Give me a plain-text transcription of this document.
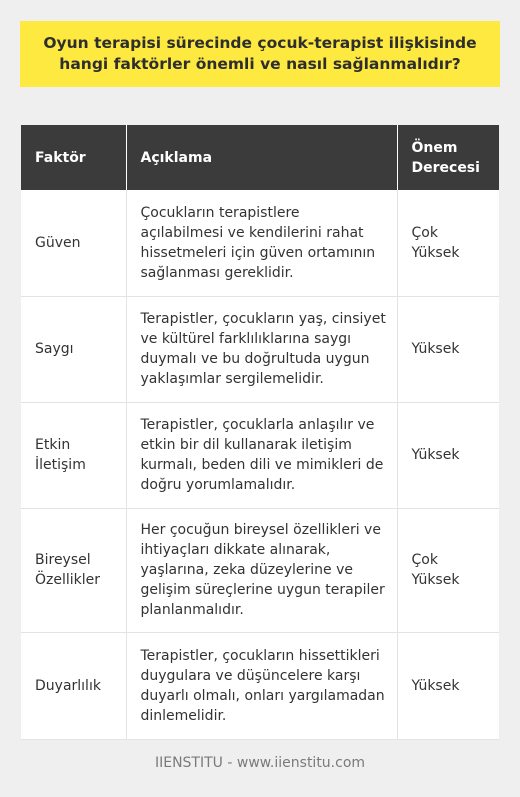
Oyun terapisi sürecinde çocuk-terapist ilişkisinde hangi faktörler önemli ve nasıl sağlanmalıdır?
Faktör	Açıklama	Önem Derecesi
Güven	Çocukların terapistlere açılabilmesi ve kendilerini rahat hissetmeleri için güven ortamının sağlanması gereklidir.	Çok Yüksek
Saygı	Terapistler, çocukların yaş, cinsiyet ve kültürel farklılıklarına saygı duymalı ve bu doğrultuda uygun yaklaşımlar sergilemelidir.	Yüksek
Etkin İletişim	Terapistler, çocuklarla anlaşılır ve etkin bir dil kullanarak iletişim kurmalı, beden dili ve mimikleri de doğru yorumlamalıdır.	Yüksek
Bireysel Özellikler	Her çocuğun bireysel özellikleri ve ihtiyaçları dikkate alınarak, yaşlarına, zeka düzeylerine ve gelişim süreçlerine uygun terapiler planlanmalıdır.	Çok Yüksek
Duyarlılık	Terapistler, çocukların hissettikleri duygulara ve düşüncelere karşı duyarlı olmalı, onları yargılamadan dinlemelidir.	Yüksek
IIENSTITU - www.iienstitu.com
